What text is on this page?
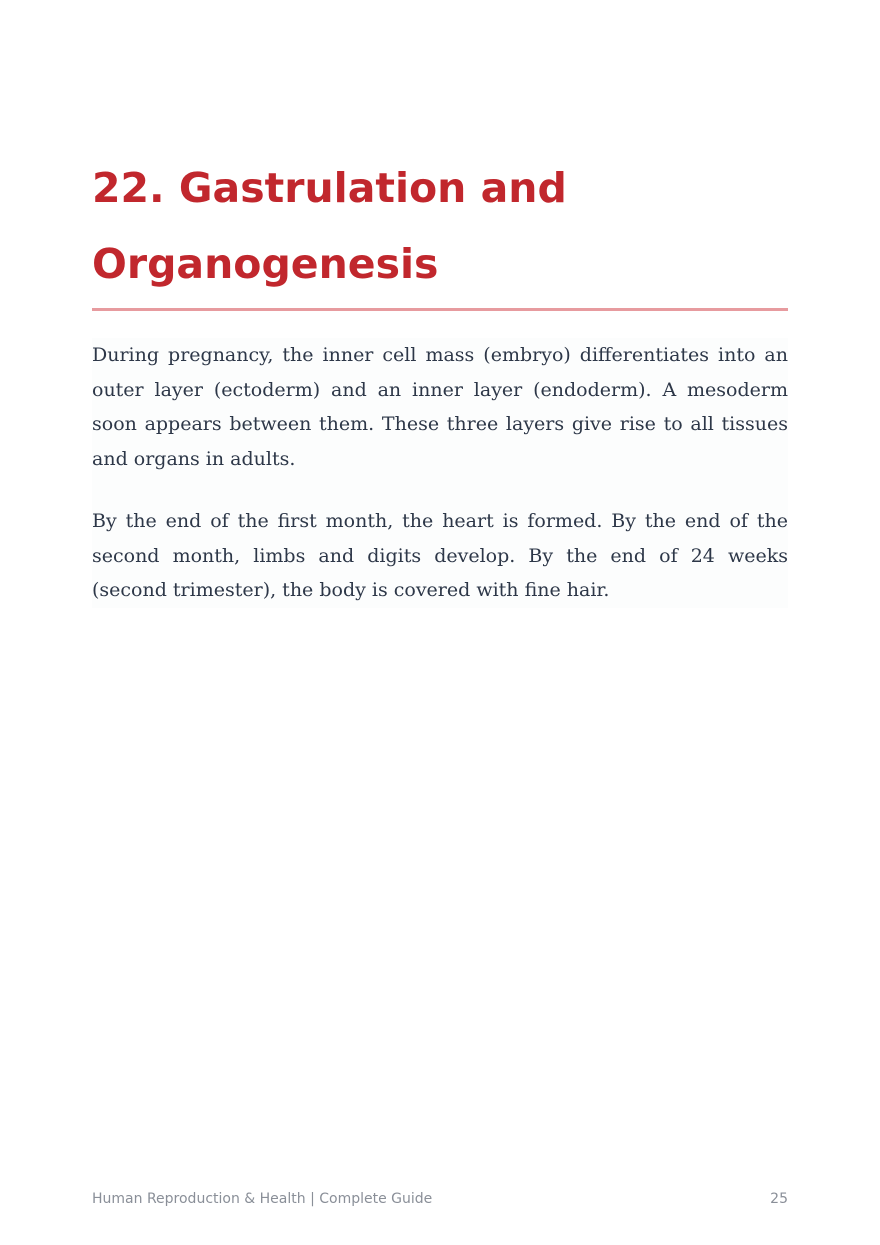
22. Gastrulation and Organogenesis

During pregnancy, the inner cell mass (embryo) differentiates into an outer layer (ectoderm) and an inner layer (endoderm). A mesoderm soon appears between them. These three layers give rise to all tissues and organs in adults.

By the end of the first month, the heart is formed. By the end of the second month, limbs and digits develop. By the end of 24 weeks (second trimester), the body is covered with fine hair.

Human Reproduction & Health | Complete Guide	25
